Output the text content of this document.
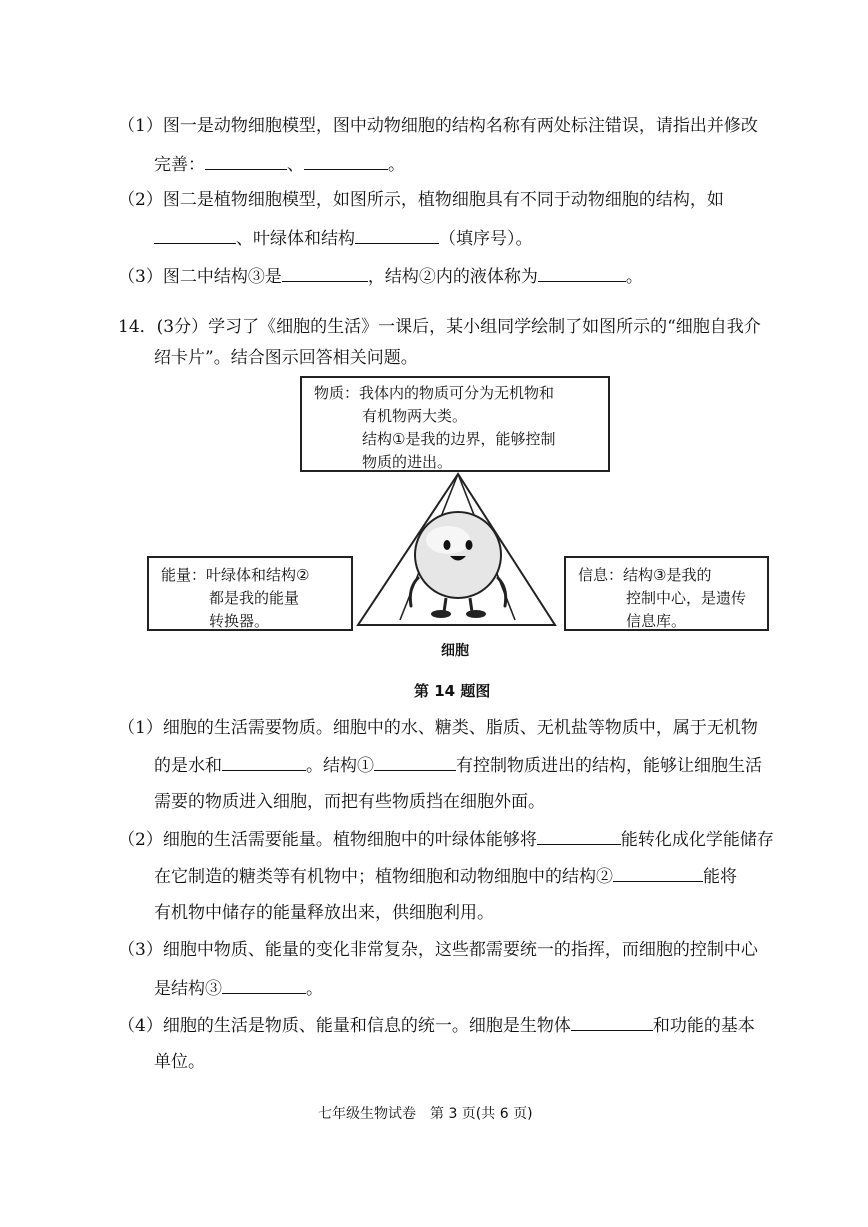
（1）图一是动物细胞模型，图中动物细胞的结构名称有两处标注错误，请指出并修改
完善：	、	。
（2）图二是植物细胞模型，如图所示，植物细胞具有不同于动物细胞的结构，如
、叶绿体和结构	（填序号）。
（3）图二中结构③是	，结构②内的液体称为	。
14．(3分）学习了《细胞的生活》一课后，某小组同学绘制了如图所示的“细胞自我介
绍卡片”。结合图示回答相关问题。
物质：我体内的物质可分为无机物和
有机物两大类。
结构①是我的边界，能够控制
物质的进出。
能量：叶绿体和结构②
都是我的能量
转换器。
信息：结构③是我的
控制中心，是遗传
信息库。
细胞
第 14 题图
（1）细胞的生活需要物质。细胞中的水、糖类、脂质、无机盐等物质中，属于无机物
的是水和	。结构①	有控制物质进出的结构，能够让细胞生活
需要的物质进入细胞，而把有些物质挡在细胞外面。
（2）细胞的生活需要能量。植物细胞中的叶绿体能够将	能转化成化学能储存
在它制造的糖类等有机物中；植物细胞和动物细胞中的结构②	能将
有机物中储存的能量释放出来，供细胞利用。
（3）细胞中物质、能量的变化非常复杂，这些都需要统一的指挥，而细胞的控制中心
是结构③	。
（4）细胞的生活是物质、能量和信息的统一。细胞是生物体	和功能的基本
单位。
七年级生物试卷　第 3 页(共 6 页)
